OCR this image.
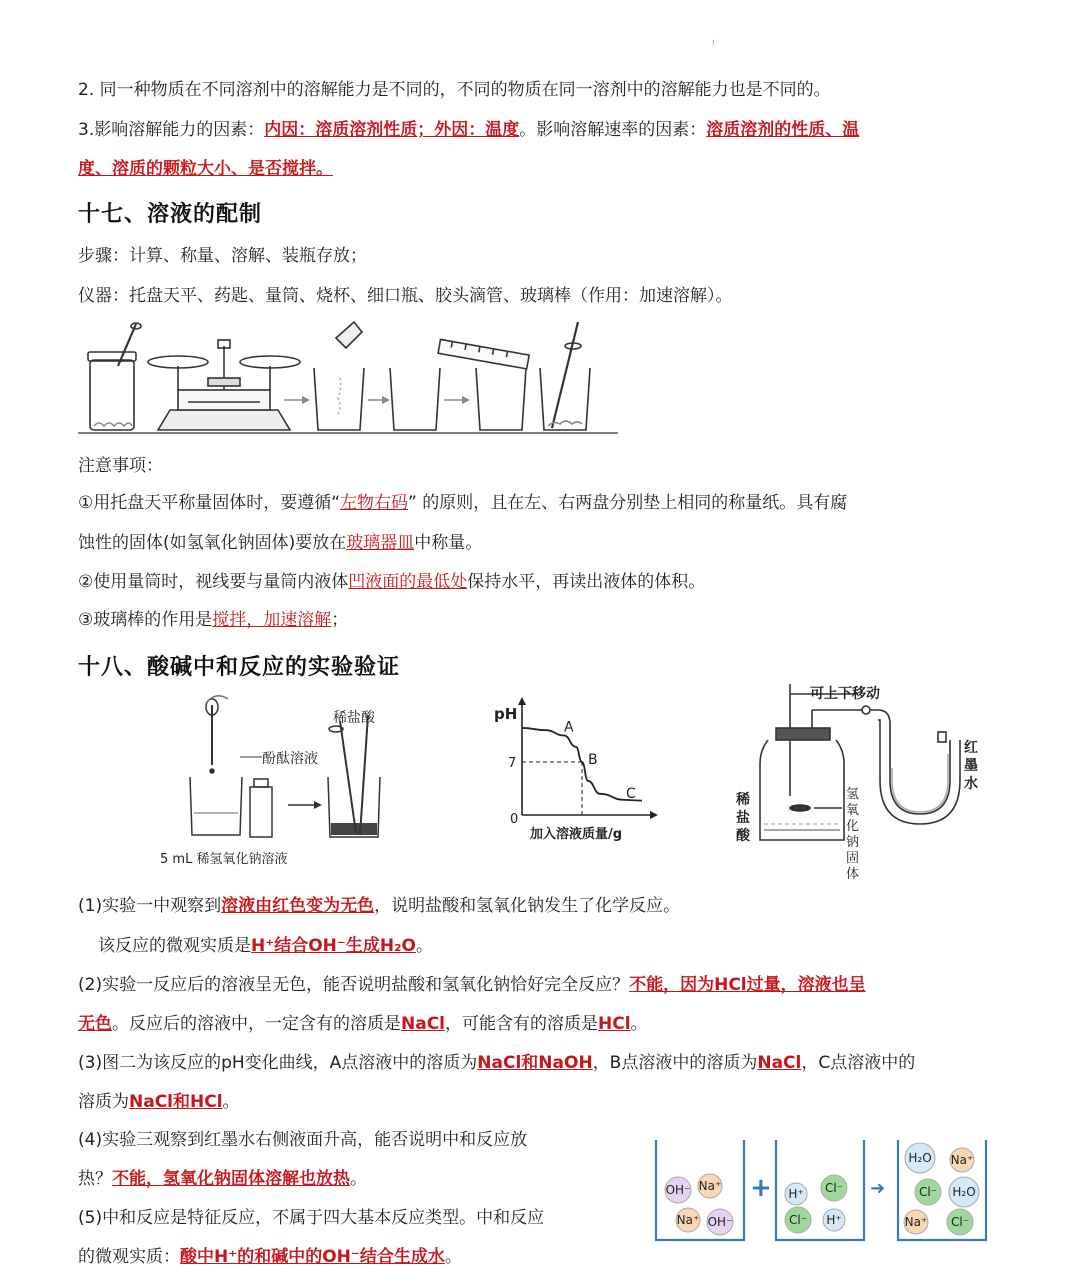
ı
2. 同一种物质在不同溶剂中的溶解能力是不同的，不同的物质在同一溶剂中的溶解能力也是不同的。
3.影响溶解能力的因素：内因：溶质溶剂性质；外因：温度。影响溶解速率的因素：溶质溶剂的性质、温
度、溶质的颗粒大小、是否搅拌。
十七、溶液的配制
步骤：计算、称量、溶解、装瓶存放；
仪器：托盘天平、药匙、量筒、烧杯、细口瓶、胶头滴管、玻璃棒（作用：加速溶解）。
注意事项：
①用托盘天平称量固体时，要遵循“左物右码” 的原则，且在左、右两盘分别垫上相同的称量纸。具有腐
蚀性的固体(如氢氧化钠固体)要放在玻璃器皿中称量。
②使用量筒时，视线要与量筒内液体凹液面的最低处保持水平，再读出液体的体积。
③玻璃棒的作用是搅拌，加速溶解；
十八、酸碱中和反应的实验验证
稀盐酸
酚酞溶液
5 mL 稀氢氧化钠溶液
pH
0
加入溶液质量/g
7
A
B
C
可上下移动
稀盐酸
氢氧化钠固体
红墨水
(1)实验一中观察到溶液由红色变为无色，说明盐酸和氢氧化钠发生了化学反应。
该反应的微观实质是H⁺结合OH⁻生成H₂O。
(2)实验一反应后的溶液呈无色，能否说明盐酸和氢氧化钠恰好完全反应？不能，因为HCl过量，溶液也呈
无色。反应后的溶液中，一定含有的溶质是NaCl，可能含有的溶质是HCl。
(3)图二为该反应的pH变化曲线，A点溶液中的溶质为NaCl和NaOH，B点溶液中的溶质为NaCl，C点溶液中的
溶质为NaCl和HCl。
(4)实验三观察到红墨水右侧液面升高，能否说明中和反应放
热？不能，氢氧化钠固体溶解也放热。
(5)中和反应是特征反应，不属于四大基本反应类型。中和反应
的微观实质：酸中H⁺的和碱中的OH⁻结合生成水。
+	➜
OH⁻ Na⁺
Na⁺ OH⁻
H⁺ Cl⁻
Cl⁻ H⁺
H₂O Na⁺
Cl⁻ H₂O
Na⁺ Cl⁻
